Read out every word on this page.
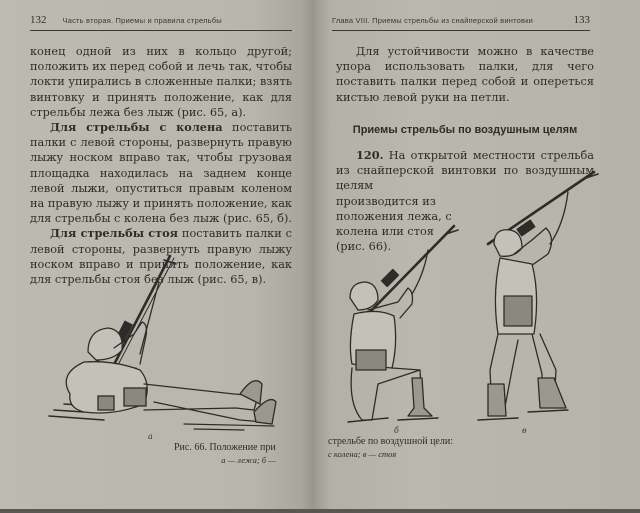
132 Часть вторая. Приемы и правила стрельбы

конец одной из них в кольцо другой; положить их перед собой и лечь так, чтобы локти упирались в сложенные палки; взять винтовку и принять положение, как для стрельбы лежа без лыж (рис. 65, а).

Для стрельбы с колена поставить палки с левой стороны, развернуть правую лыжу носком вправо так, чтобы грузовая площадка находилась на заднем конце левой лыжи, опуститься правым коленом на правую лыжу и принять положение, как для стрельбы с колена без лыж (рис. 65, б).

Для стрельбы стоя поставить палки с левой стороны, развернуть правую лыжу носком вправо и принять положение, как для стрельбы стоя без лыж (рис. 65, в).

а
Рис. 66. Положение при
а — лежа; б —
Глава VIII. Приемы стрельбы из снайперской винтовки	133

Для устойчивости можно в качестве упора использовать палки, для чего поставить палки перед собой и опереться кистью левой руки на петли.

Приемы стрельбы по воздушным целям

120. На открытой местности стрельба из снайперской винтовки по воздушным целям

производится из положения лежа, с колена или стоя (рис. 66).

б	в
стрельбе по воздушной цели:
с колена; в — стоя
